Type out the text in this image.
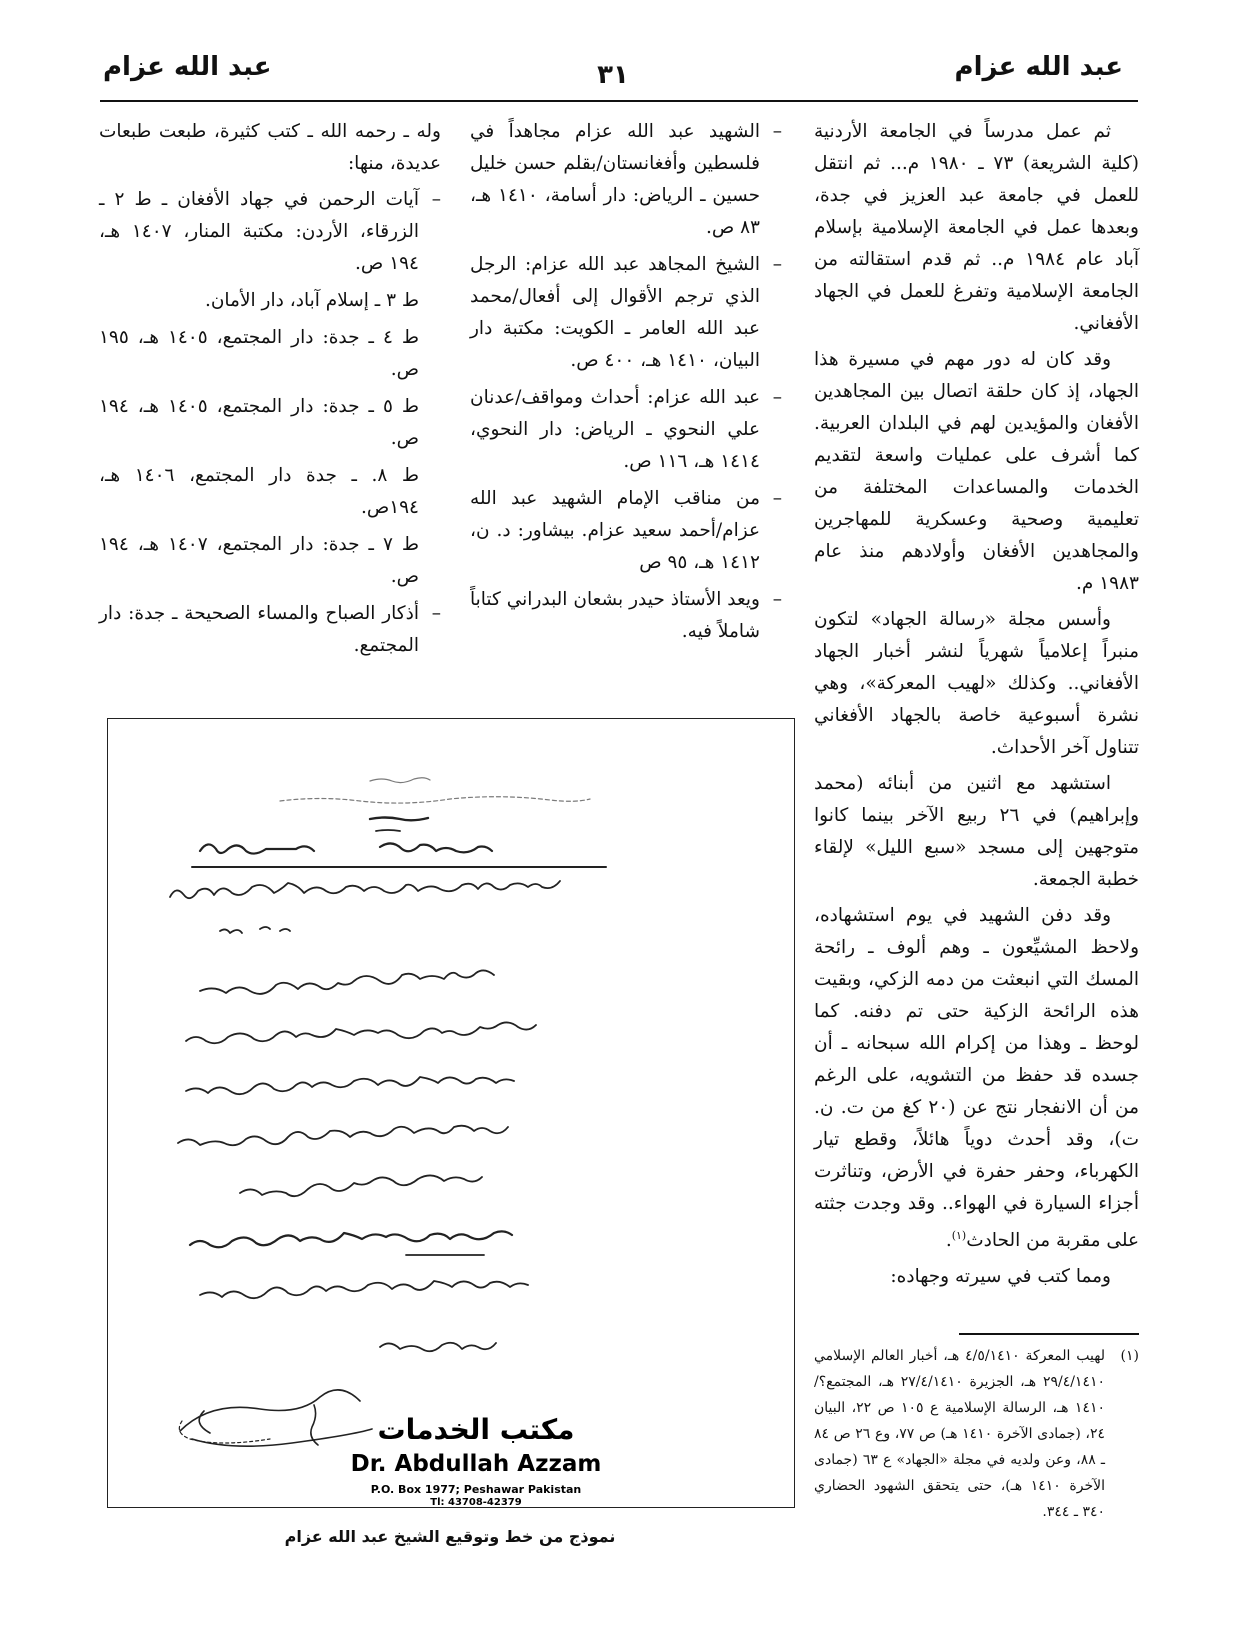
عبد الله عزام
٣١
عبد الله عزام

ثم عمل مدرساً في الجامعة الأردنية (كلية الشريعة) ٧٣ ـ ١٩٨٠ م... ثم انتقل للعمل في جامعة عبد العزيز في جدة، وبعدها عمل في الجامعة الإسلامية بإسلام آباد عام ١٩٨٤ م.. ثم قدم استقالته من الجامعة الإسلامية وتفرغ للعمل في الجهاد الأفغاني.

وقد كان له دور مهم في مسيرة هذا الجهاد، إذ كان حلقة اتصال بين المجاهدين الأفغان والمؤيدين لهم في البلدان العربية. كما أشرف على عمليات واسعة لتقديم الخدمات والمساعدات المختلفة من تعليمية وصحية وعسكرية للمهاجرين والمجاهدين الأفغان وأولادهم منذ عام ١٩٨٣ م.

وأسس مجلة «رسالة الجهاد» لتكون منبراً إعلامياً شهرياً لنشر أخبار الجهاد الأفغاني.. وكذلك «لهيب المعركة»، وهي نشرة أسبوعية خاصة بالجهاد الأفغاني تتناول آخر الأحداث.

استشهد مع اثنين من أبنائه (محمد وإبراهيم) في ٢٦ ربيع الآخر بينما كانوا متوجهين إلى مسجد «سبع الليل» لإلقاء خطبة الجمعة.

وقد دفن الشهيد في يوم استشهاده، ولاحظ المشيِّعون ـ وهم ألوف ـ رائحة المسك التي انبعثت من دمه الزكي، وبقيت هذه الرائحة الزكية حتى تم دفنه. كما لوحظ ـ وهذا من إكرام الله سبحانه ـ أن جسده قد حفظ من التشويه، على الرغم من أن الانفجار نتج عن (٢٠ كغ من ت. ن. ت)، وقد أحدث دوياً هائلاً، وقطع تيار الكهرباء، وحفر حفرة في الأرض، وتناثرت أجزاء السيارة في الهواء.. وقد وجدت جثته على مقربة من الحادث$^{(١)}$.

ومما كتب في سيرته وجهاده:

– الشهيد عبد الله عزام مجاهداً في فلسطين وأفغانستان/بقلم حسن خليل حسين ـ الرياض: دار أسامة، ١٤١٠ هـ، ٨٣ ص.
– الشيخ المجاهد عبد الله عزام: الرجل الذي ترجم الأقوال إلى أفعال/محمد عبد الله العامر ـ الكويت: مكتبة دار البيان، ١٤١٠ هـ، ٤٠٠ ص.
– عبد الله عزام: أحداث ومواقف/عدنان علي النحوي ـ الرياض: دار النحوي، ١٤١٤ هـ، ١١٦ ص.
– من مناقب الإمام الشهيد عبد الله عزام/أحمد سعيد عزام. بيشاور: د. ن، ١٤١٢ هـ، ٩٥ ص
– ويعد الأستاذ حيدر بشعان البدراني كتاباً شاملاً فيه.

وله ـ رحمه الله ـ كتب كثيرة، طبعت طبعات عديدة، منها:

– آيات الرحمن في جهاد الأفغان ـ ط ٢ ـ الزرقاء، الأردن: مكتبة المنار، ١٤٠٧ هـ، ١٩٤ ص.
ط ٣ ـ إسلام آباد، دار الأمان.
ط ٤ ـ جدة: دار المجتمع، ١٤٠٥ هـ، ١٩٥ ص.
ط ٥ ـ جدة: دار المجتمع، ١٤٠٥ هـ، ١٩٤ ص.
ط ٨. ـ جدة دار المجتمع، ١٤٠٦ هـ، ١٩٤ص.
ط ٧ ـ جدة: دار المجتمع، ١٤٠٧ هـ، ١٩٤ ص.
– أذكار الصباح والمساء الصحيحة ـ جدة: دار المجتمع.
مكتب الخدمات
Dr. Abdullah Azzam
P.O. Box 1977; Peshawar Pakistan
Tl: 43708-42379
نموذج من خط وتوقيع الشيخ عبد الله عزام
(١)
لهيب المعركة ٤/٥/١٤١٠ هـ، أخبار العالم الإسلامي ٢٩/٤/١٤١٠ هـ، الجزيرة ٢٧/٤/١٤١٠ هـ، المجتمع؟/١٤١٠ هـ، الرسالة الإسلامية ع ١٠٥ ص ٢٢، البيان ٢٤، (جمادى الآخرة ١٤١٠ هـ) ص ٧٧، وع ٢٦ ص ٨٤ ـ ٨٨، وعن ولديه في مجلة «الجهاد» ع ٦٣ (جمادى الآخرة ١٤١٠ هـ)، حتى يتحقق الشهود الحضاري ٣٤٠ ـ ٣٤٤.
